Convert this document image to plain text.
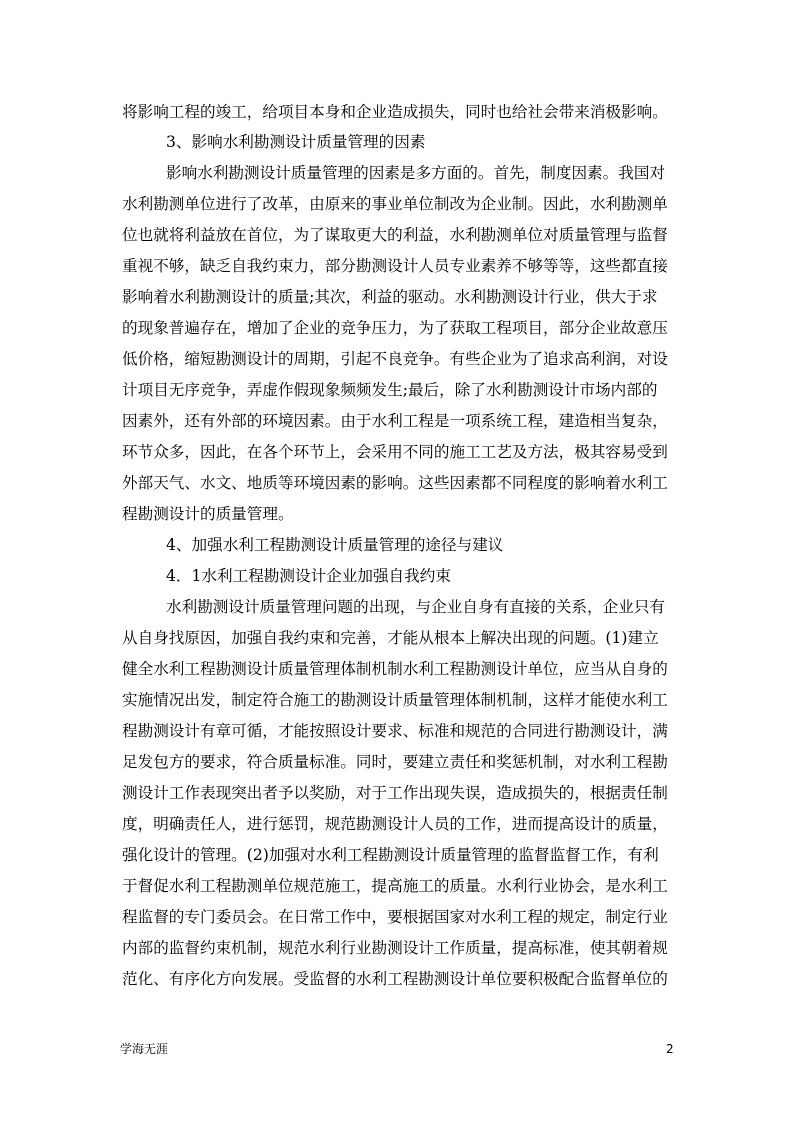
将影响工程的竣工，给项目本身和企业造成损失，同时也给社会带来消极影响。

3、影响水利勘测设计质量管理的因素

影响水利勘测设计质量管理的因素是多方面的。首先，制度因素。我国对

水利勘测单位进行了改革，由原来的事业单位制改为企业制。因此，水利勘测单

位也就将利益放在首位，为了谋取更大的利益，水利勘测单位对质量管理与监督

重视不够，缺乏自我约束力，部分勘测设计人员专业素养不够等等，这些都直接

影响着水利勘测设计的质量;其次，利益的驱动。水利勘测设计行业，供大于求

的现象普遍存在，增加了企业的竞争压力，为了获取工程项目，部分企业故意压

低价格，缩短勘测设计的周期，引起不良竞争。有些企业为了追求高利润，对设

计项目无序竞争，弄虚作假现象频频发生;最后，除了水利勘测设计市场内部的

因素外，还有外部的环境因素。由于水利工程是一项系统工程，建造相当复杂，

环节众多，因此，在各个环节上，会采用不同的施工工艺及方法，极其容易受到

外部天气、水文、地质等环境因素的影响。这些因素都不同程度的影响着水利工

程勘测设计的质量管理。

4、加强水利工程勘测设计质量管理的途径与建议

4．1水利工程勘测设计企业加强自我约束

水利勘测设计质量管理问题的出现，与企业自身有直接的关系，企业只有

从自身找原因，加强自我约束和完善，才能从根本上解决出现的问题。(1)建立

健全水利工程勘测设计质量管理体制机制水利工程勘测设计单位，应当从自身的

实施情况出发，制定符合施工的勘测设计质量管理体制机制，这样才能使水利工

程勘测设计有章可循，才能按照设计要求、标准和规范的合同进行勘测设计，满

足发包方的要求，符合质量标准。同时，要建立责任和奖惩机制，对水利工程勘

测设计工作表现突出者予以奖励，对于工作出现失误，造成损失的，根据责任制

度，明确责任人，进行惩罚，规范勘测设计人员的工作，进而提高设计的质量，

强化设计的管理。(2)加强对水利工程勘测设计质量管理的监督监督工作，有利

于督促水利工程勘测单位规范施工，提高施工的质量。水利行业协会，是水利工

程监督的专门委员会。在日常工作中，要根据国家对水利工程的规定，制定行业

内部的监督约束机制，规范水利行业勘测设计工作质量，提高标准，使其朝着规

范化、有序化方向发展。受监督的水利工程勘测设计单位要积极配合监督单位的

学海无涯	2
